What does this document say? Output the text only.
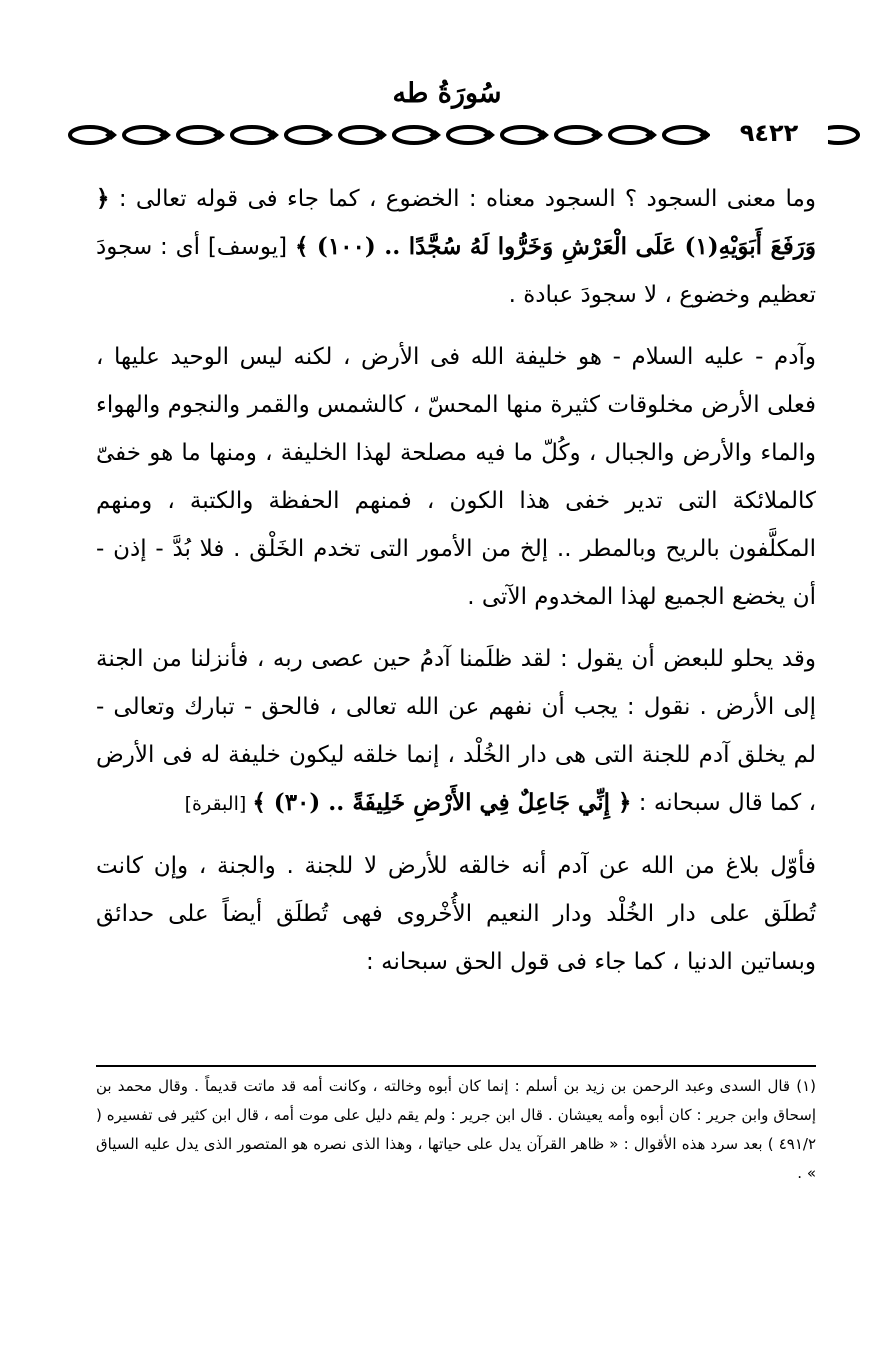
سُورَةُ طه
٩٤٢٢

وما معنى السجود ؟ السجود معناه : الخضوع ، كما جاء فى قوله تعالى : ﴿ وَرَفَعَ أَبَوَيْهِ(١) عَلَى الْعَرْشِ وَخَرُّوا لَهُ سُجَّدًا .. (١٠٠) ﴾ [يوسف] أى : سجودَ تعظيم وخضوع ، لا سجودَ عبادة .

وآدم - عليه السلام - هو خليفة الله فى الأرض ، لكنه ليس الوحيد عليها ، فعلى الأرض مخلوقات كثيرة منها المحسّ ، كالشمس والقمر والنجوم والهواء والماء والأرض والجبال ، وكُلّ ما فيه مصلحة لهذا الخليفة ، ومنها ما هو خفىّ كالملائكة التى تدير خفى هذا الكون ، فمنهم الحفظة والكتبة ، ومنهم المكلَّفون بالريح وبالمطر .. إلخ من الأمور التى تخدم الخَلْق . فلا بُدَّ - إذن - أن يخضع الجميع لهذا المخدوم الآتى .

وقد يحلو للبعض أن يقول : لقد ظلَمنا آدمُ حين عصى ربه ، فأنزلنا من الجنة إلى الأرض . نقول : يجب أن نفهم عن الله تعالى ، فالحق - تبارك وتعالى - لم يخلق آدم للجنة التى هى دار الخُلْد ، إنما خلقه ليكون خليفة له فى الأرض ، كما قال سبحانه : ﴿ إِنِّي جَاعِلٌ فِي الأَرْضِ خَلِيفَةً .. (٣٠) ﴾ [البقرة]

فأوّل بلاغ من الله عن آدم أنه خالقه للأرض لا للجنة . والجنة ، وإن كانت تُطلَق على دار الخُلْد ودار النعيم الأُخْروى فهى تُطلَق أيضاً على حدائق وبساتين الدنيا ، كما جاء فى قول الحق سبحانه :

(١) قال السدى وعبد الرحمن بن زيد بن أسلم : إنما كان أبوه وخالته ، وكانت أمه قد ماتت قديماً . وقال محمد بن إسحاق وابن جرير : كان أبوه وأمه يعيشان . قال ابن جرير : ولم يقم دليل على موت أمه ، قال ابن كثير فى تفسيره ( ٤٩١/٢ ) بعد سرد هذه الأقوال : « ظاهر القرآن يدل على حياتها ، وهذا الذى نصره هو المتصور الذى يدل عليه السياق » .
